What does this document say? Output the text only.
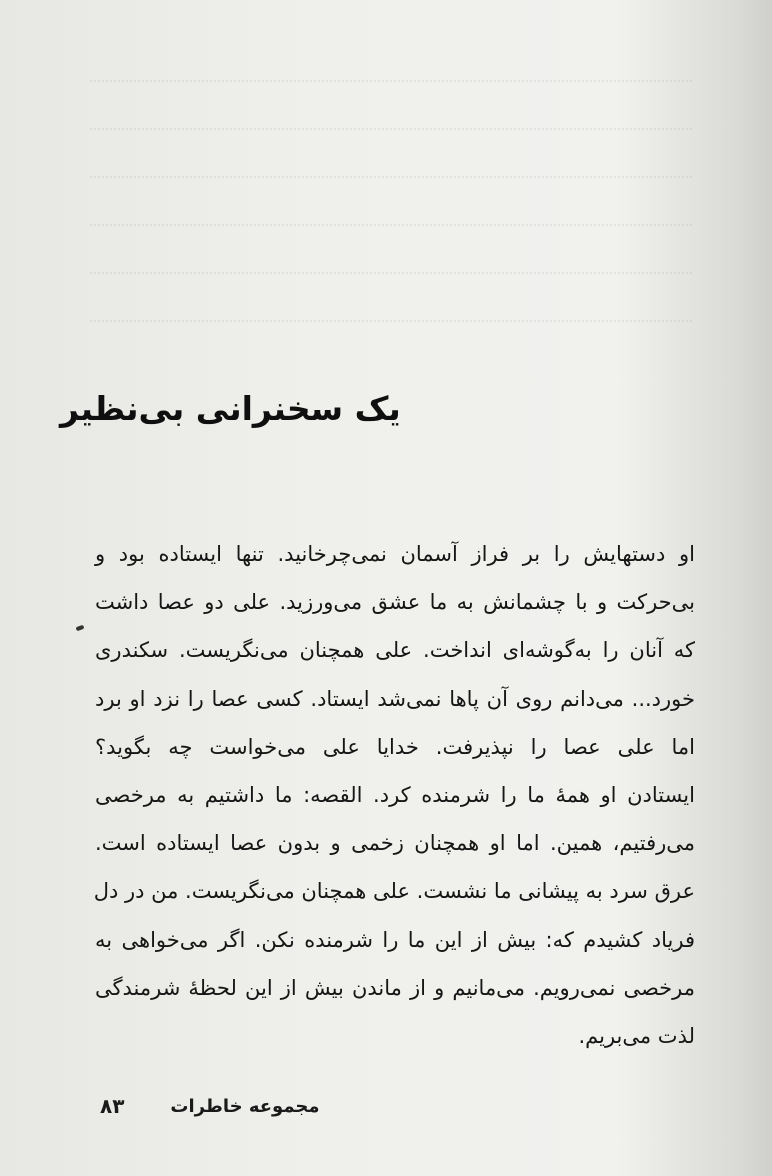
یک سخنرانی بی‌نظیر
او دستهایش را بر فراز آسمان نمی‌چرخانید. تنها ایستاده بود و
بی‌حرکت و با چشمانش به ما عشق می‌ورزید. علی دو عصا داشت
که آنان را به‌گوشه‌ای انداخت. علی همچنان می‌نگریست. سکندری
خورد... می‌دانم روی آن پاها نمی‌شد ایستاد. کسی عصا را نزد او برد
اما علی عصا را نپذیرفت. خدایا علی می‌خواست چه بگوید؟
ایستادن او همهٔ ما را شرمنده کرد. القصه: ما داشتیم به مرخصی
می‌رفتیم، همین. اما او همچنان زخمی و بدون عصا ایستاده است.
عرق سرد به پیشانی ما نشست. علی همچنان می‌نگریست. من در دل
فریاد کشیدم که: بیش از این ما را شرمنده نکن. اگر می‌خواهی به
مرخصی نمی‌رویم. می‌مانیم و از ماندن بیش از این لحظهٔ شرمندگی
لذت می‌بریم.
۸۳	مجموعه خاطرات
